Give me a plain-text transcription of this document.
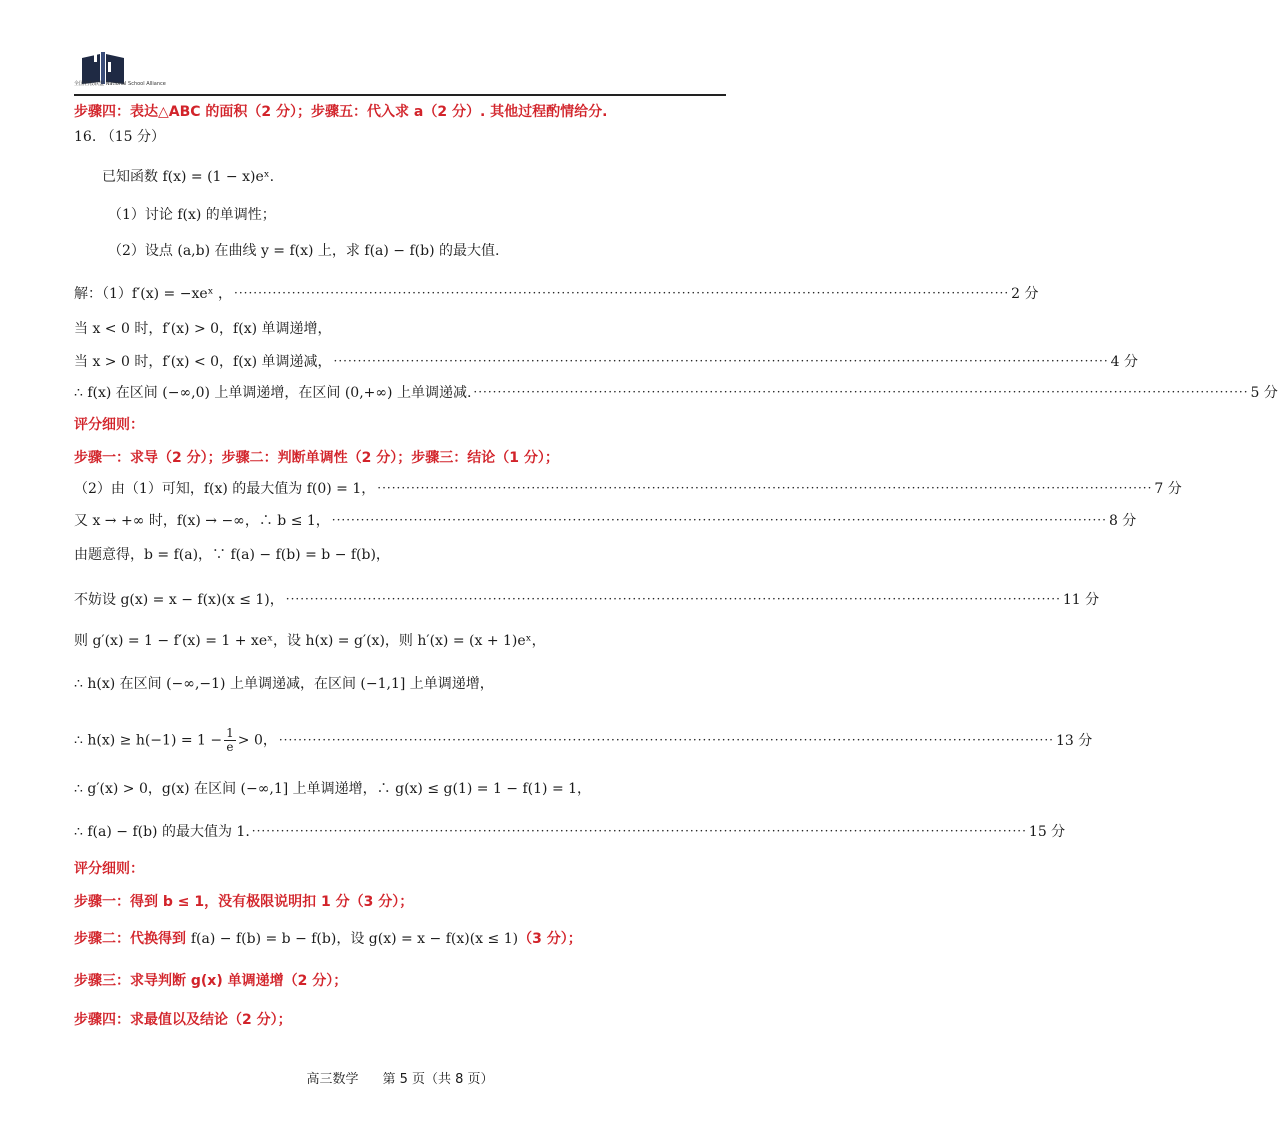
全国名校联盟 National School Alliance
步骤四：表达△ABC 的面积（2 分）；步骤五：代入求 a（2 分）. 其他过程酌情给分.
16. （15 分）
已知函数 f(x) = (1 − x)eˣ.
（1）讨论 f(x) 的单调性；
（2）设点 (a,b) 在曲线 y = f(x) 上，求 f(a) − f(b) 的最大值.
解：（1）f′(x) = −xeˣ ， ································································································································································· 2 分
当 x < 0 时，f′(x) > 0，f(x) 单调递增，
当 x > 0 时，f′(x) < 0，f(x) 单调递减， ································································································································································· 4 分
∴ f(x) 在区间 (−∞,0) 上单调递增，在区间 (0,+∞) 上单调递减. ································································································································································· 5 分
评分细则：
步骤一：求导（2 分）；步骤二：判断单调性（2 分）；步骤三：结论（1 分）；
（2）由（1）可知，f(x) 的最大值为 f(0) = 1， ································································································································································· 7 分
又 x → +∞ 时，f(x) → −∞，∴ b ≤ 1， ································································································································································· 8 分
由题意得，b = f(a)，∵ f(a) − f(b) = b − f(b)，
不妨设 g(x) = x − f(x)(x ≤ 1)， ································································································································································· 11 分
则 g′(x) = 1 − f′(x) = 1 + xeˣ，设 h(x) = g′(x)，则 h′(x) = (x + 1)eˣ，
∴ h(x) 在区间 (−∞,−1) 上单调递减，在区间 (−1,1] 上单调递增，
∴ $h(x) \ge h(-1) = 1 - \frac{1}{e} > 0$， ································································································································································· 13 分
∴ g′(x) > 0，g(x) 在区间 (−∞,1] 上单调递增，∴ g(x) ≤ g(1) = 1 − f(1) = 1，
∴ f(a) − f(b) 的最大值为 1. ································································································································································· 15 分
评分细则：
步骤一：得到 b ≤ 1，没有极限说明扣 1 分（3 分）；
步骤二：代换得到 f(a) − f(b) = b − f(b)，设 g(x) = x − f(x)(x ≤ 1)（3 分）；
步骤三：求导判断 g(x) 单调递增（2 分）；
步骤四：求最值以及结论（2 分）；
高三数学 第 5 页（共 8 页）
